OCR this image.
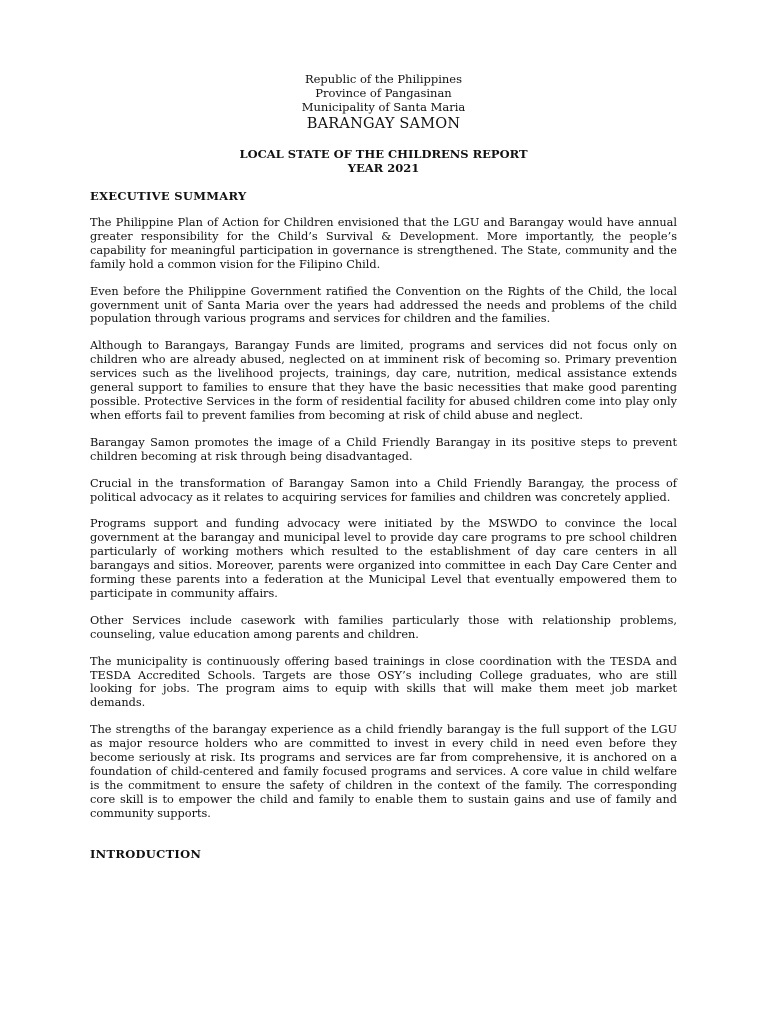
Republic of the Philippines

Province of Pangasinan

Municipality of Santa Maria

BARANGAY SAMON

LOCAL STATE OF THE CHILDRENS REPORT

YEAR 2021

EXECUTIVE SUMMARY

The Philippine Plan of Action for Children envisioned that the LGU and Barangay would have annual greater responsibility for the Child’s Survival & Development. More importantly, the people’s capability for meaningful participation in governance is strengthened. The State, community and the family hold a common vision for the Filipino Child.

Even before the Philippine Government ratified the Convention on the Rights of the Child, the local government unit of Santa Maria over the years had addressed the needs and problems of the child population through various programs and services for children and the families.

Although to Barangays, Barangay Funds are limited, programs and services did not focus only on children who are already abused, neglected on at imminent risk of becoming so. Primary prevention services such as the livelihood projects, trainings, day care, nutrition, medical assistance extends general support to families to ensure that they have the basic necessities that make good parenting possible. Protective Services in the form of residential facility for abused children come into play only when efforts fail to prevent families from becoming at risk of child abuse and neglect.

Barangay Samon promotes the image of a Child Friendly Barangay in its positive steps to prevent children becoming at risk through being disadvantaged.

Crucial in the transformation of Barangay Samon into a Child Friendly Barangay, the process of political advocacy as it relates to acquiring services for families and children was concretely applied.

Programs support and funding advocacy were initiated by the MSWDO to convince the local government at the barangay and municipal level to provide day care programs to pre school children particularly of working mothers which resulted to the establishment of day care centers in all barangays and sitios. Moreover, parents were organized into committee in each Day Care Center and forming these parents into a federation at the Municipal Level that eventually empowered them to participate in community affairs.

Other Services include casework with families particularly those with relationship problems, counseling, value education among parents and children.

The municipality is continuously offering based trainings in close coordination with the TESDA and TESDA Accredited Schools. Targets are those OSY’s including College graduates, who are still looking for jobs. The program aims to equip with skills that will make them meet job market demands.

The strengths of the barangay experience as a child friendly barangay is the full support of the LGU as major resource holders who are committed to invest in every child in need even before they become seriously at risk. Its programs and services are far from comprehensive, it is anchored on a foundation of child-centered and family focused programs and services. A core value in child welfare is the commitment to ensure the safety of children in the context of the family. The corresponding core skill is to empower the child and family to enable them to sustain gains and use of family and community supports.

INTRODUCTION
